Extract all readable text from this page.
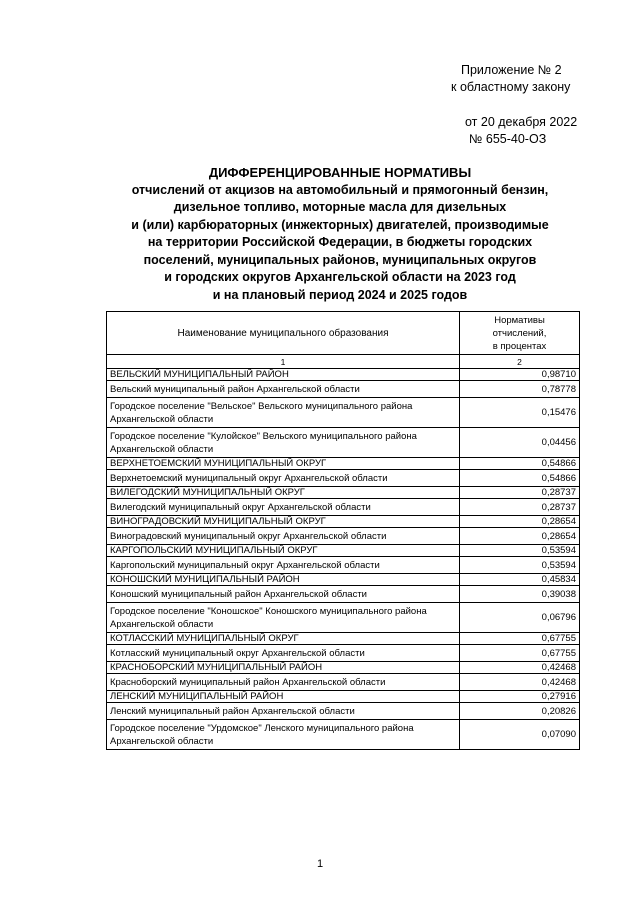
Приложение № 2
к областному закону
от 20 декабря 2022
№ 655-40-ОЗ
ДИФФЕРЕНЦИРОВАННЫЕ НОРМАТИВЫ
отчислений от акцизов на автомобильный и прямогонный бензин,
дизельное топливо, моторные масла для дизельных
и (или) карбюраторных (инжекторных) двигателей, производимые
на территории Российской Федерации, в бюджеты городских
поселений, муниципальных районов, муниципальных округов
и городских округов Архангельской области на 2023 год
и на плановый период 2024 и 2025 годов
Наименование муниципального образования	Нормативы
отчислений,
в процентах

1	2
ВЕЛЬСКИЙ МУНИЦИПАЛЬНЫЙ РАЙОН	0,98710
Вельский муниципальный район Архангельской области	0,78778
Городское поселение "Вельское" Вельского муниципального района Архангельской области	0,15476
Городское поселение "Кулойское" Вельского муниципального района Архангельской области	0,04456
ВЕРХНЕТОЕМСКИЙ МУНИЦИПАЛЬНЫЙ ОКРУГ	0,54866
Верхнетоемский муниципальный округ Архангельской области	0,54866
ВИЛЕГОДСКИЙ МУНИЦИПАЛЬНЫЙ ОКРУГ	0,28737
Вилегодский муниципальный округ Архангельской области	0,28737
ВИНОГРАДОВСКИЙ МУНИЦИПАЛЬНЫЙ ОКРУГ	0,28654
Виноградовский муниципальный округ Архангельской области	0,28654
КАРГОПОЛЬСКИЙ МУНИЦИПАЛЬНЫЙ ОКРУГ	0,53594
Каргопольский муниципальный округ Архангельской области	0,53594
КОНОШСКИЙ МУНИЦИПАЛЬНЫЙ РАЙОН	0,45834
Коношский муниципальный район Архангельской области	0,39038
Городское поселение "Коношское" Коношского муниципального района Архангельской области	0,06796
КОТЛАССКИЙ МУНИЦИПАЛЬНЫЙ ОКРУГ	0,67755
Котласский муниципальный округ Архангельской области	0,67755
КРАСНОБОРСКИЙ МУНИЦИПАЛЬНЫЙ РАЙОН	0,42468
Красноборский муниципальный район Архангельской области	0,42468
ЛЕНСКИЙ МУНИЦИПАЛЬНЫЙ РАЙОН	0,27916
Ленский муниципальный район Архангельской области	0,20826
Городское поселение "Урдомское" Ленского муниципального района Архангельской области	0,07090
1
